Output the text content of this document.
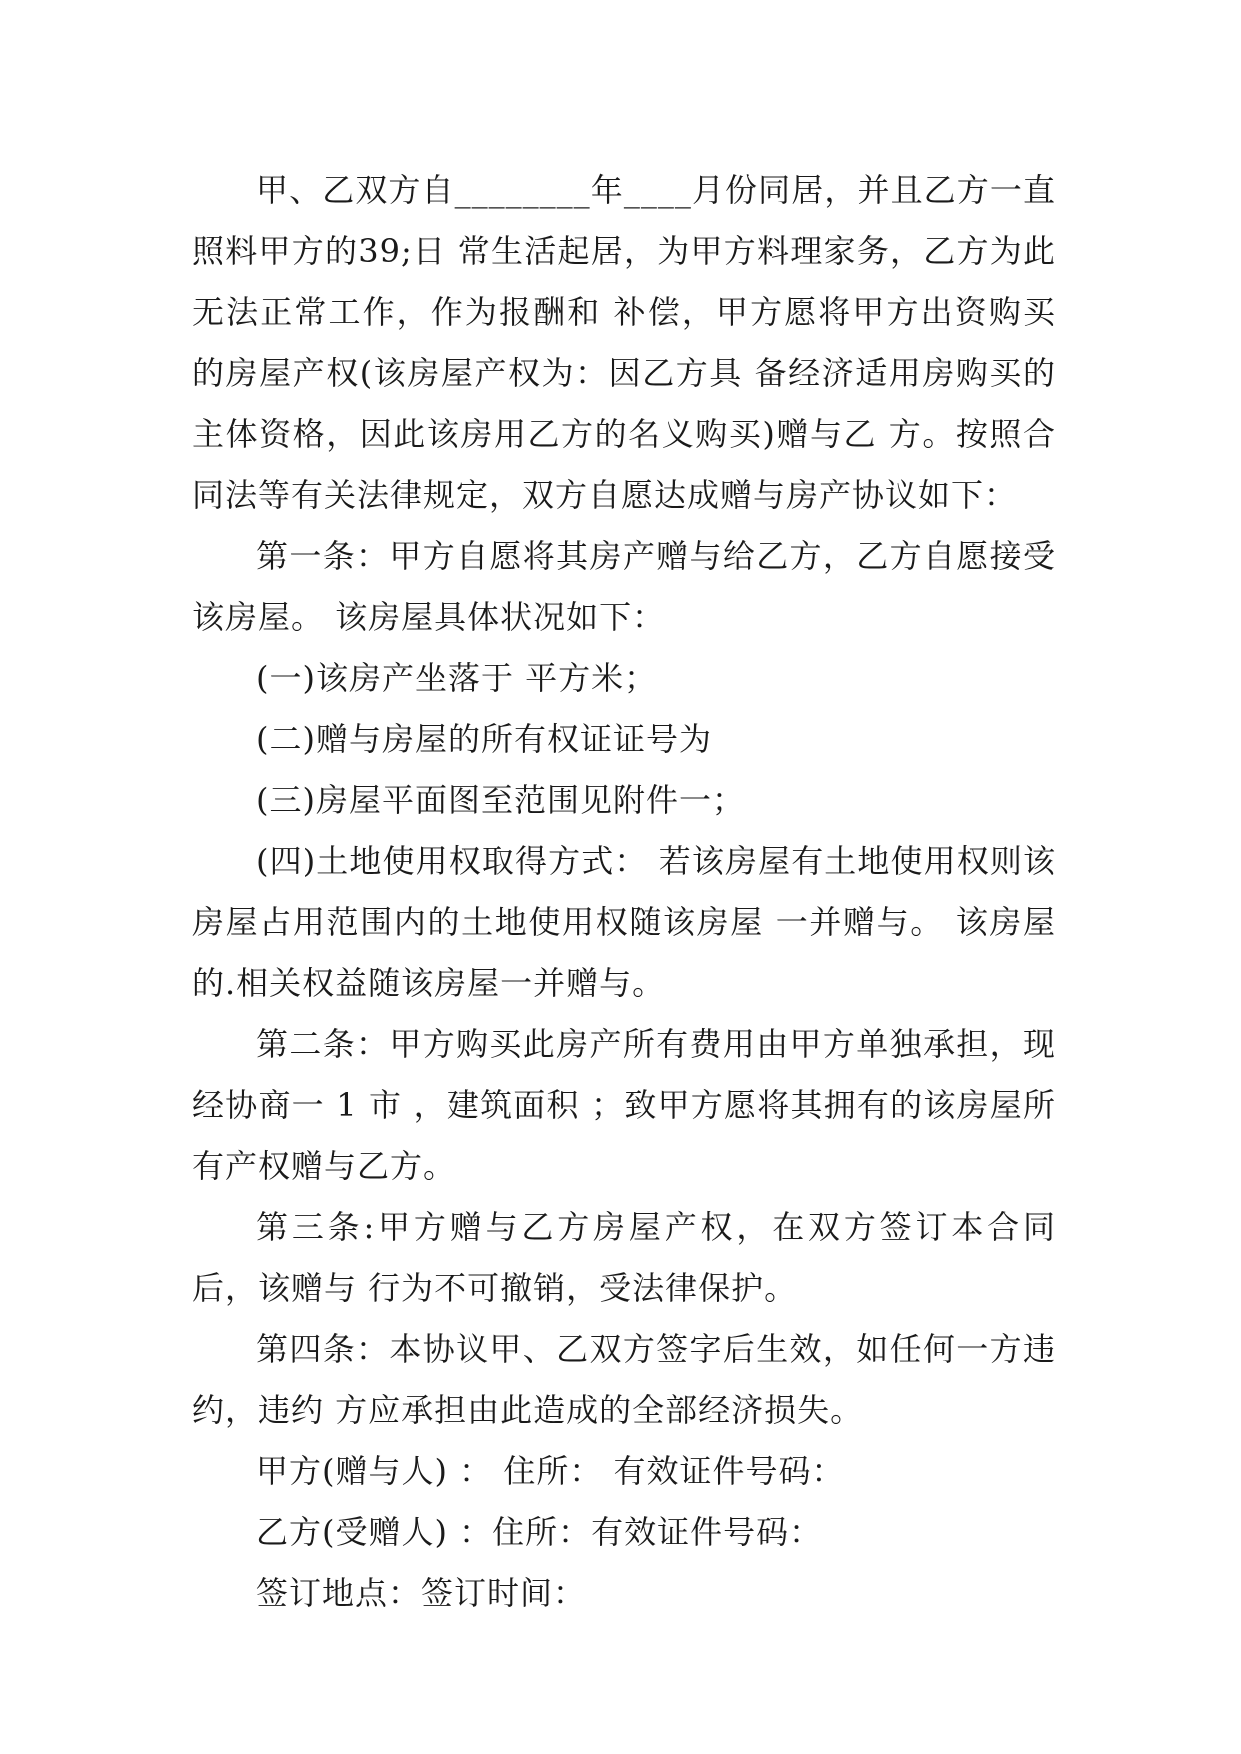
甲、乙双方自________年____月份同居，并且乙方一直照料甲方的39;日 常生活起居，为甲方料理家务，乙方为此无法正常工作，作为报酬和 补偿，甲方愿将甲方出资购买的房屋产权(该房屋产权为：因乙方具 备经济适用房购买的主体资格，因此该房用乙方的名义购买)赠与乙 方。按照合同法等有关法律规定，双方自愿达成赠与房产协议如下：

第一条：甲方自愿将其房产赠与给乙方，乙方自愿接受该房屋。 该房屋具体状况如下：

(一)该房产坐落于 平方米；

(二)赠与房屋的所有权证证号为

(三)房屋平面图至范围见附件一；

(四)土地使用权取得方式： 若该房屋有土地使用权则该房屋占用范围内的土地使用权随该房屋 一并赠与。 该房屋的.相关权益随该房屋一并赠与。

第二条：甲方购买此房产所有费用由甲方单独承担，现经协商一 1 市 ，建筑面积 ；致甲方愿将其拥有的该房屋所有产权赠与乙方。

第三条:甲方赠与乙方房屋产权，在双方签订本合同后，该赠与 行为不可撤销，受法律保护。

第四条：本协议甲、乙双方签字后生效，如任何一方违约，违约 方应承担由此造成的全部经济损失。

甲方(赠与人) ： 住所： 有效证件号码：

乙方(受赠人) ：住所：有效证件号码：

签订地点：签订时间：
